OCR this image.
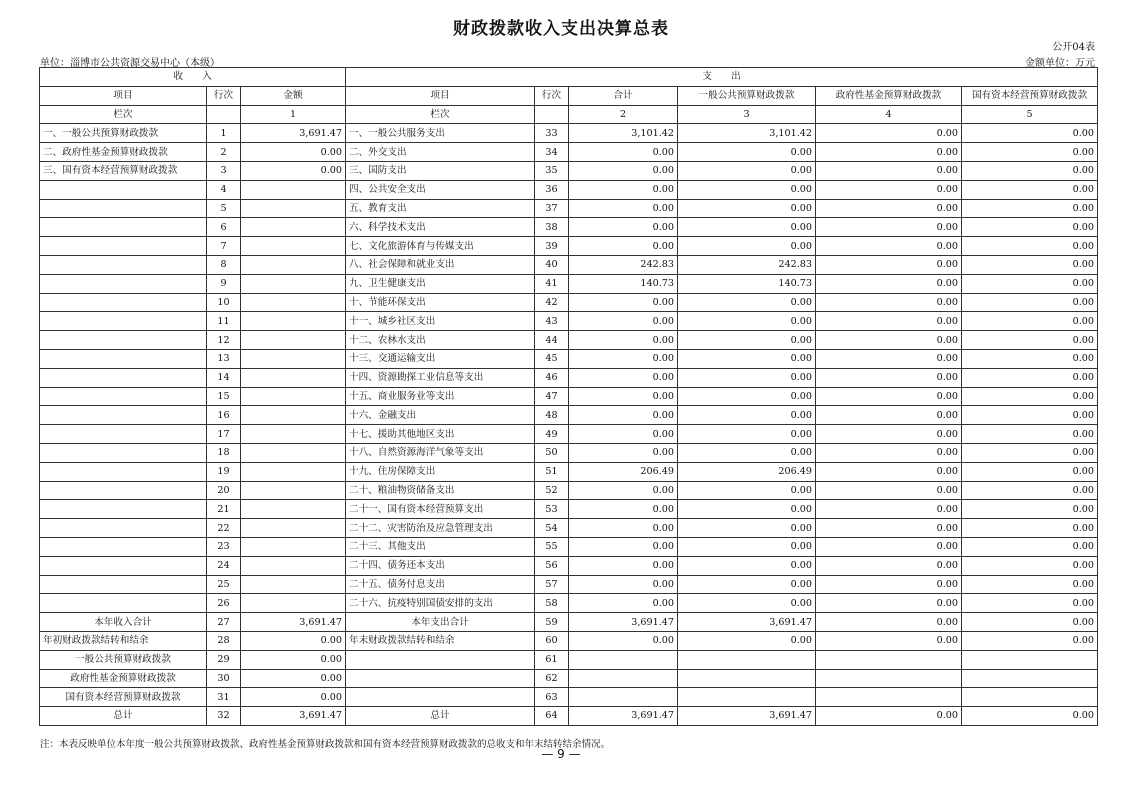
财政拨款收入支出决算总表
公开04表
单位：淄博市公共资源交易中心（本级）	金额单位：万元
收　　入			支　　出					
项目	行次	金额	项目	行次	合计	一般公共预算财政拨款	政府性基金预算财政拨款	国有资本经营预算财政拨款
栏次		1	栏次		2	3	4	5
一、一般公共预算财政拨款	1	3,691.47	一、一般公共服务支出	33	3,101.42	3,101.42	0.00	0.00
二、政府性基金预算财政拨款	2	0.00	二、外交支出	34	0.00	0.00	0.00	0.00
三、国有资本经营预算财政拨款	3	0.00	三、国防支出	35	0.00	0.00	0.00	0.00
	4		四、公共安全支出	36	0.00	0.00	0.00	0.00
	5		五、教育支出	37	0.00	0.00	0.00	0.00
	6		六、科学技术支出	38	0.00	0.00	0.00	0.00
	7		七、文化旅游体育与传媒支出	39	0.00	0.00	0.00	0.00
	8		八、社会保障和就业支出	40	242.83	242.83	0.00	0.00
	9		九、卫生健康支出	41	140.73	140.73	0.00	0.00
	10		十、节能环保支出	42	0.00	0.00	0.00	0.00
	11		十一、城乡社区支出	43	0.00	0.00	0.00	0.00
	12		十二、农林水支出	44	0.00	0.00	0.00	0.00
	13		十三、交通运输支出	45	0.00	0.00	0.00	0.00
	14		十四、资源勘探工业信息等支出	46	0.00	0.00	0.00	0.00
	15		十五、商业服务业等支出	47	0.00	0.00	0.00	0.00
	16		十六、金融支出	48	0.00	0.00	0.00	0.00
	17		十七、援助其他地区支出	49	0.00	0.00	0.00	0.00
	18		十八、自然资源海洋气象等支出	50	0.00	0.00	0.00	0.00
	19		十九、住房保障支出	51	206.49	206.49	0.00	0.00
	20		二十、粮油物资储备支出	52	0.00	0.00	0.00	0.00
	21		二十一、国有资本经营预算支出	53	0.00	0.00	0.00	0.00
	22		二十二、灾害防治及应急管理支出	54	0.00	0.00	0.00	0.00
	23		二十三、其他支出	55	0.00	0.00	0.00	0.00
	24		二十四、债务还本支出	56	0.00	0.00	0.00	0.00
	25		二十五、债务付息支出	57	0.00	0.00	0.00	0.00
	26		二十六、抗疫特别国债安排的支出	58	0.00	0.00	0.00	0.00
本年收入合计	27	3,691.47	本年支出合计	59	3,691.47	3,691.47	0.00	0.00
年初财政拨款结转和结余	28	0.00	年末财政拨款结转和结余	60	0.00	0.00	0.00	0.00
一般公共预算财政拨款	29	0.00		61				
政府性基金预算财政拨款	30	0.00		62				
国有资本经营预算财政拨款	31	0.00		63				
总计	32	3,691.47	总计	64	3,691.47	3,691.47	0.00	0.00
注：本表反映单位本年度一般公共预算财政拨款、政府性基金预算财政拨款和国有资本经营预算财政拨款的总收支和年末结转结余情况。
— 9 —
